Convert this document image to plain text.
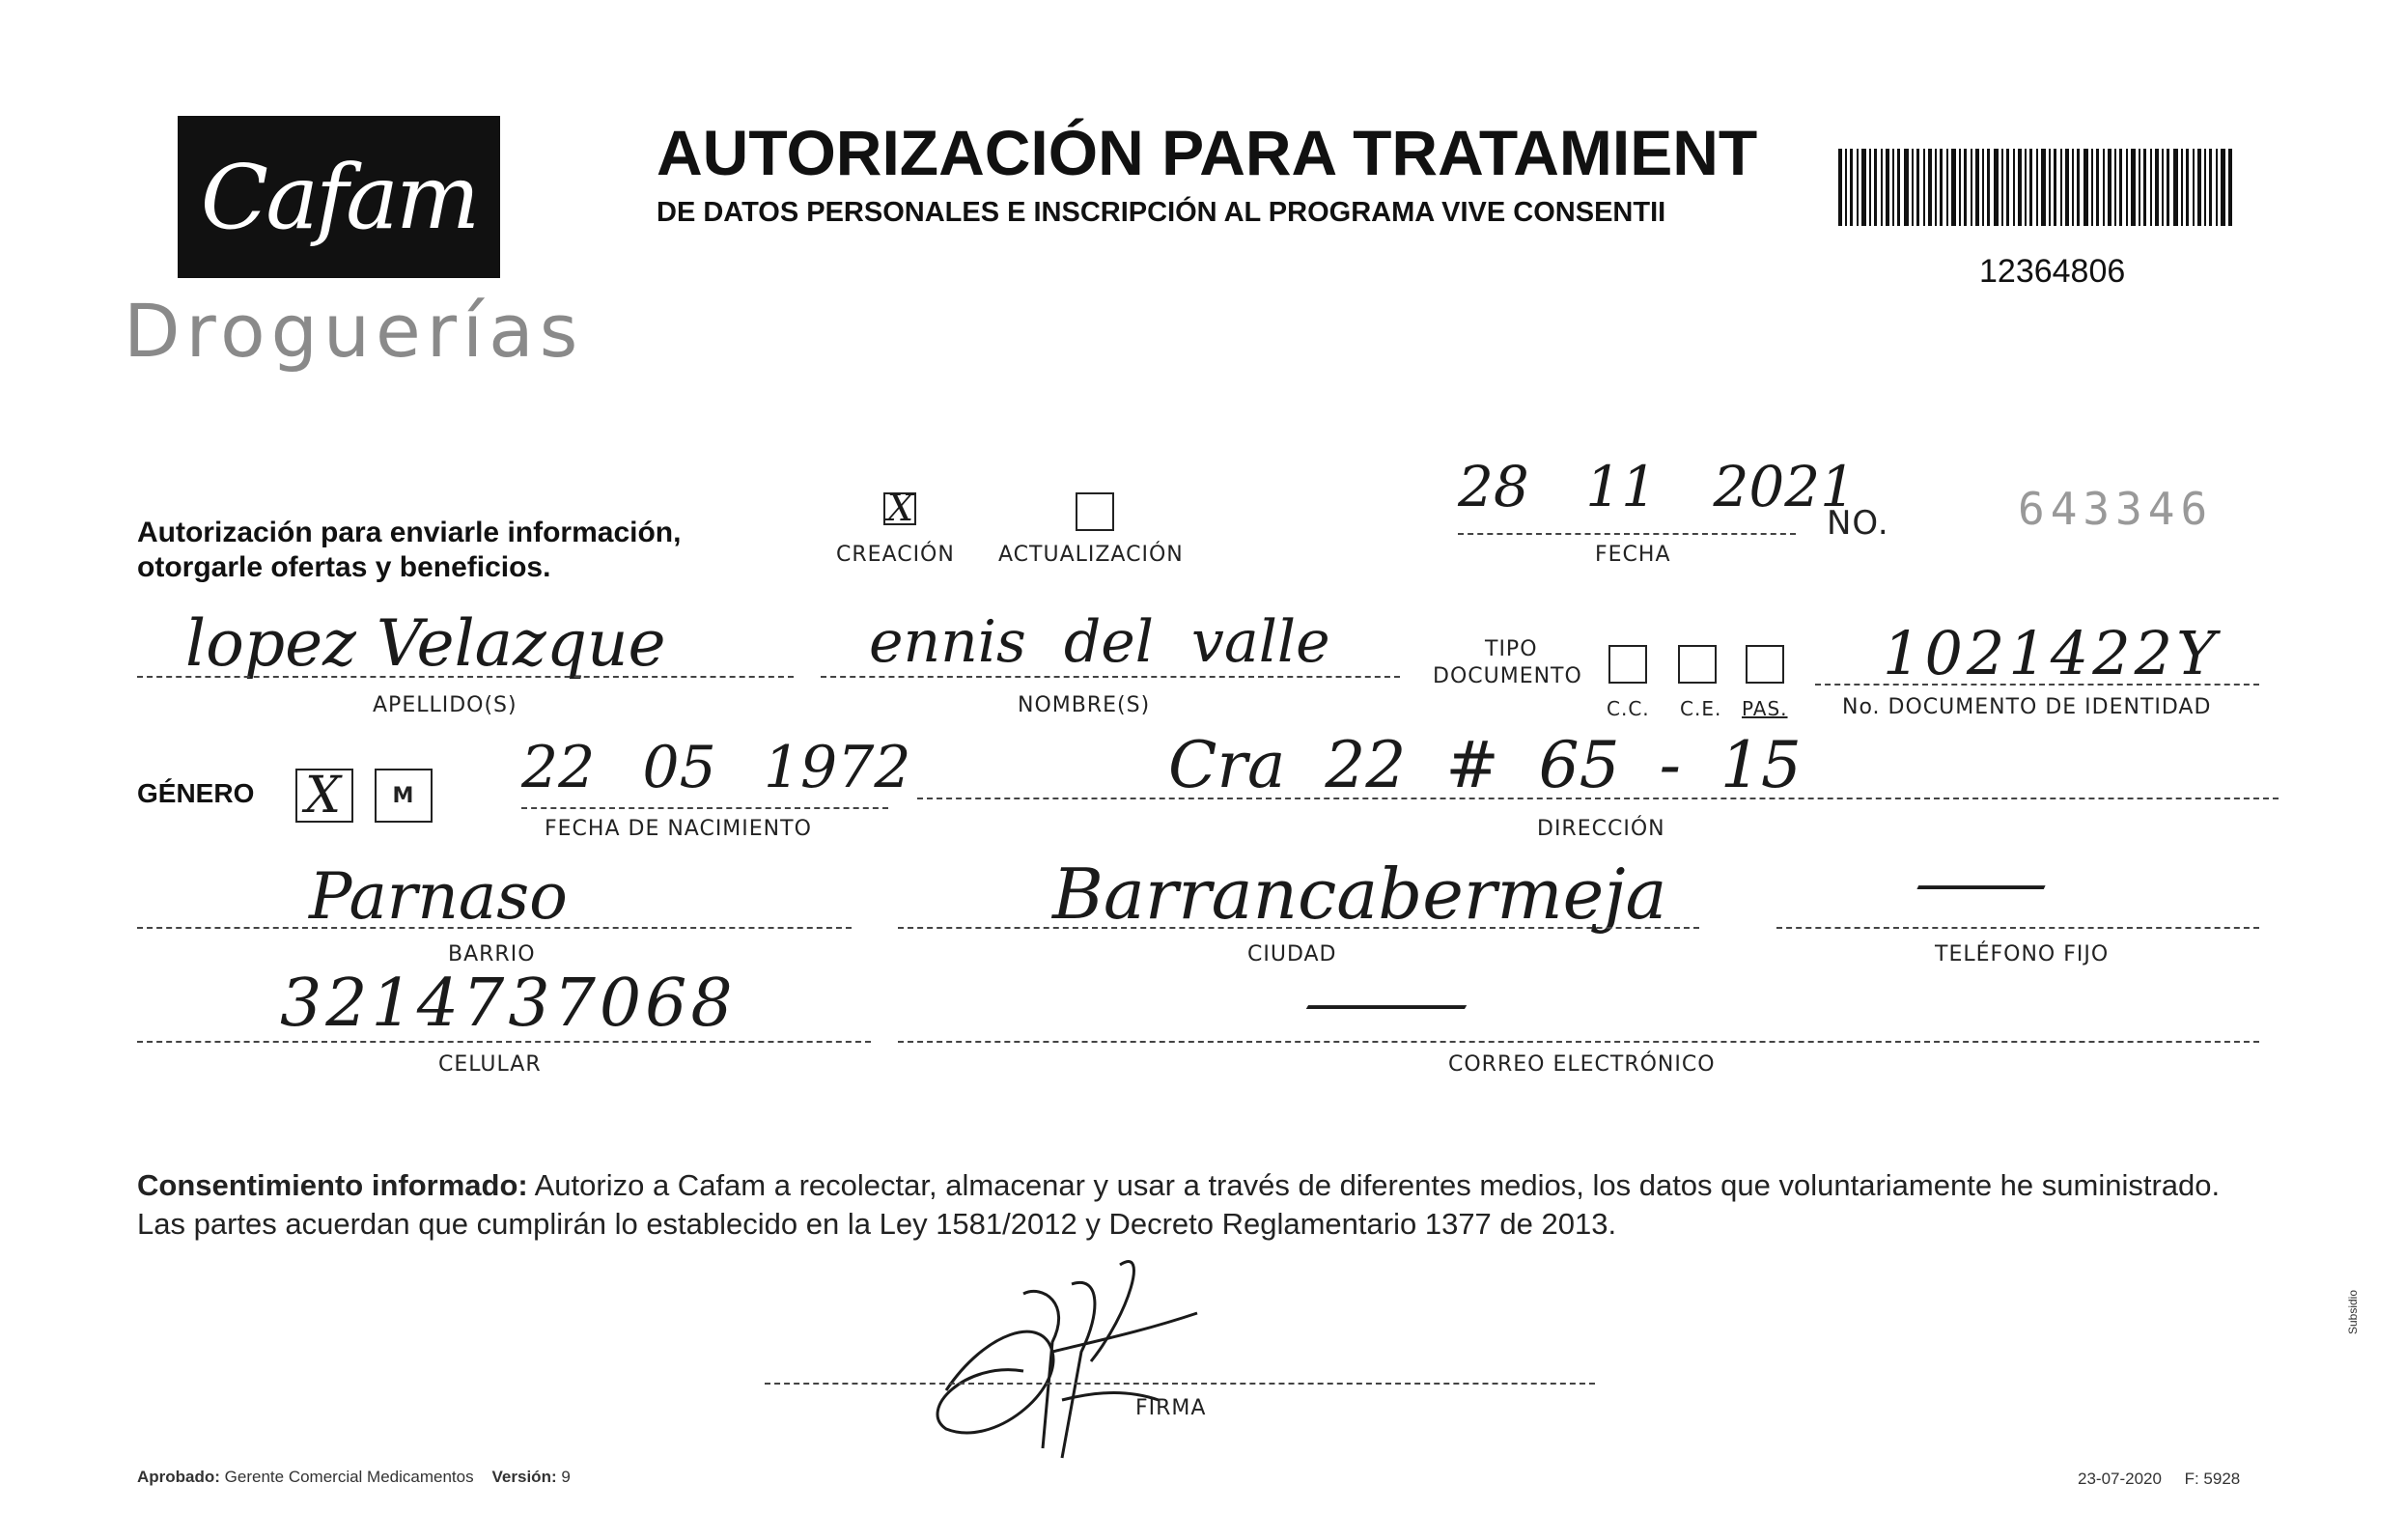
Cafam
Droguerías
AUTORIZACIÓN PARA TRATAMIENT
DE DATOS PERSONALES E INSCRIPCIÓN AL PROGRAMA VIVE CONSENTII
12364806
Autorización para enviarle información,
otorgarle ofertas y beneficios.
X
CREACIÓN ACTUALIZACIÓN
28 11 2021
FECHA
NO.	643346
lopez Velazque
APELLIDO(S)
ennis del valle
NOMBRE(S)
TIPO
DOCUMENTO
C.C. C.E. PAS.
1021422Y
No. DOCUMENTO DE IDENTIDAD
GÉNERO X M 22 05 1972
FECHA DE NACIMIENTO
Cra 22 # 65 - 15
DIRECCIÓN
Parnaso
BARRIO
Barrancabermeja
CIUDAD
—
TELÉFONO FIJO
3214737068
CELULAR
—
CORREO ELECTRÓNICO
Consentimiento informado: Autorizo a Cafam a recolectar, almacenar y usar a través de diferentes medios, los datos que voluntariamente he suministrado. Las partes acuerdan que cumplirán lo establecido en la Ley 1581/2012 y Decreto Reglamentario 1377 de 2013.
FIRMA
Aprobado: Gerente Comercial Medicamentos Versión: 9	23-07-2020 F: 5928
Subsidio
